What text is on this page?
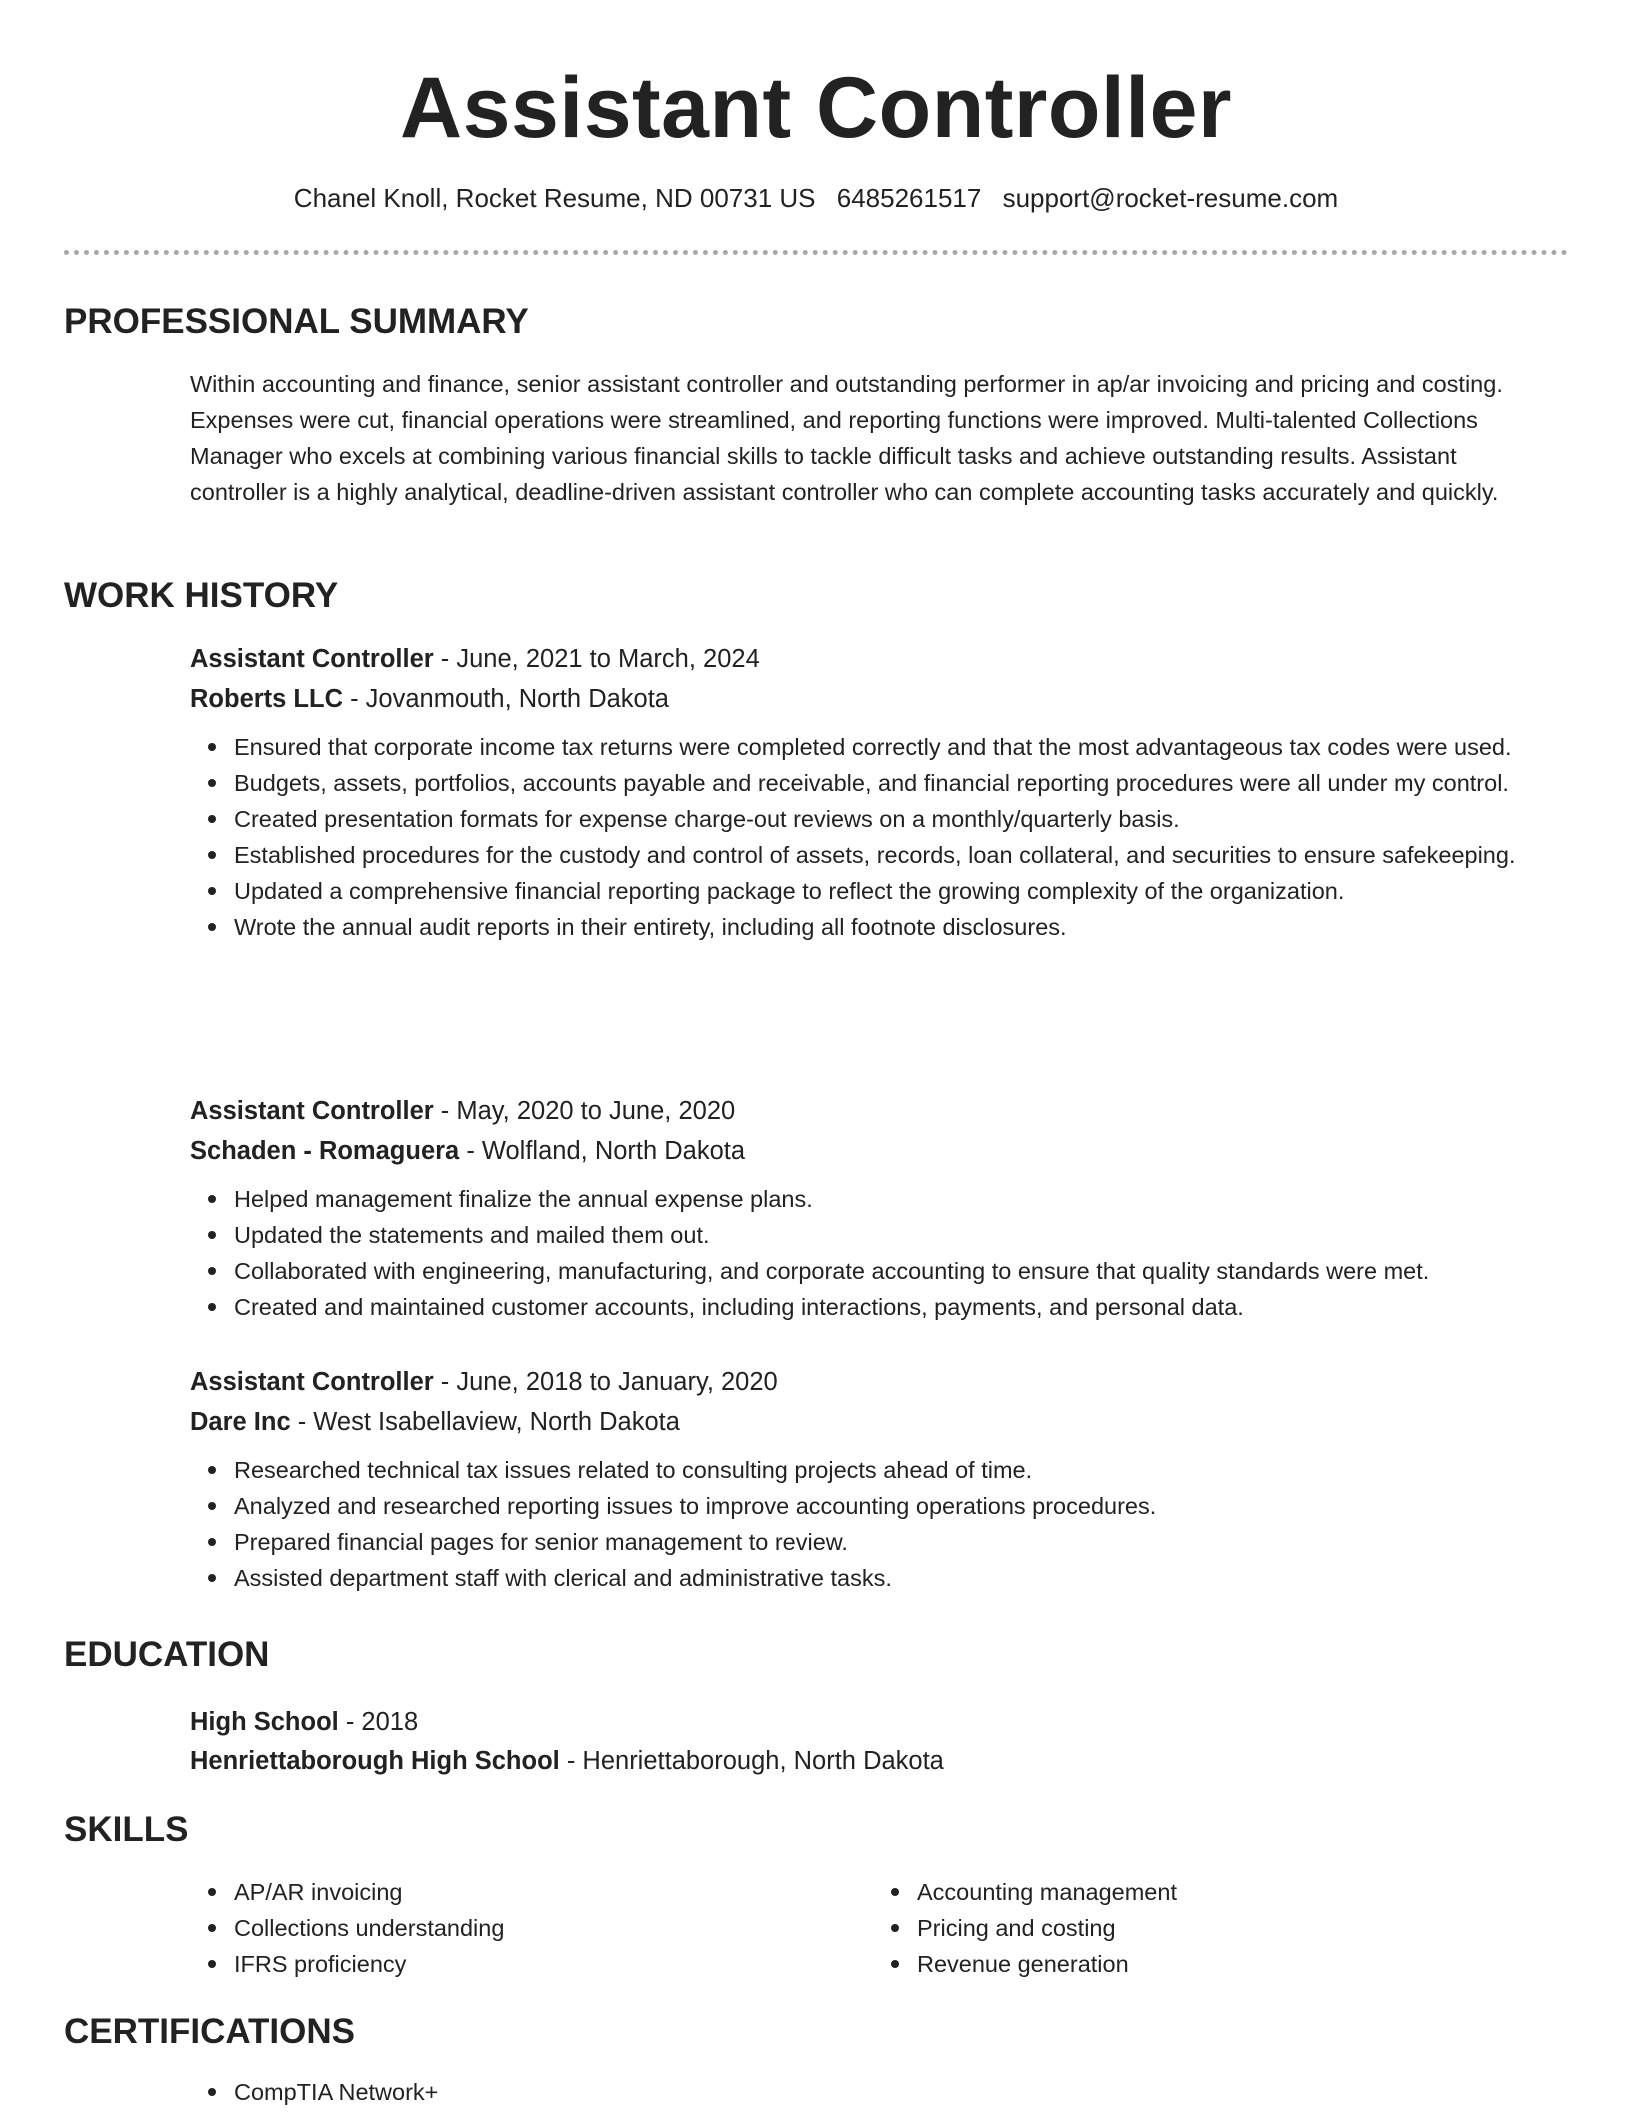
Assistant Controller
Chanel Knoll, Rocket Resume, ND 00731 US 6485261517 support@rocket-resume.com
PROFESSIONAL SUMMARY

Within accounting and finance, senior assistant controller and outstanding performer in ap/ar invoicing and pricing and costing. Expenses were cut, financial operations were streamlined, and reporting functions were improved. Multi-talented Collections Manager who excels at combining various financial skills to tackle difficult tasks and achieve outstanding results. Assistant controller is a highly analytical, deadline-driven assistant controller who can complete accounting tasks accurately and quickly.

WORK HISTORY
Assistant Controller - June, 2021 to March, 2024
Roberts LLC - Jovanmouth, North Dakota
Ensured that corporate income tax returns were completed correctly and that the most advantageous tax codes were used.
Budgets, assets, portfolios, accounts payable and receivable, and financial reporting procedures were all under my control.
Created presentation formats for expense charge-out reviews on a monthly/quarterly basis.
Established procedures for the custody and control of assets, records, loan collateral, and securities to ensure safekeeping.
Updated a comprehensive financial reporting package to reflect the growing complexity of the organization.
Wrote the annual audit reports in their entirety, including all footnote disclosures.
Assistant Controller - May, 2020 to June, 2020
Schaden - Romaguera - Wolfland, North Dakota
Helped management finalize the annual expense plans.
Updated the statements and mailed them out.
Collaborated with engineering, manufacturing, and corporate accounting to ensure that quality standards were met.
Created and maintained customer accounts, including interactions, payments, and personal data.
Assistant Controller - June, 2018 to January, 2020
Dare Inc - West Isabellaview, North Dakota
Researched technical tax issues related to consulting projects ahead of time.
Analyzed and researched reporting issues to improve accounting operations procedures.
Prepared financial pages for senior management to review.
Assisted department staff with clerical and administrative tasks.
EDUCATION
High School - 2018
Henriettaborough High School - Henriettaborough, North Dakota
SKILLS
AP/AR invoicing
Collections understanding
IFRS proficiency
Accounting management
Pricing and costing
Revenue generation
CERTIFICATIONS
CompTIA Network+
